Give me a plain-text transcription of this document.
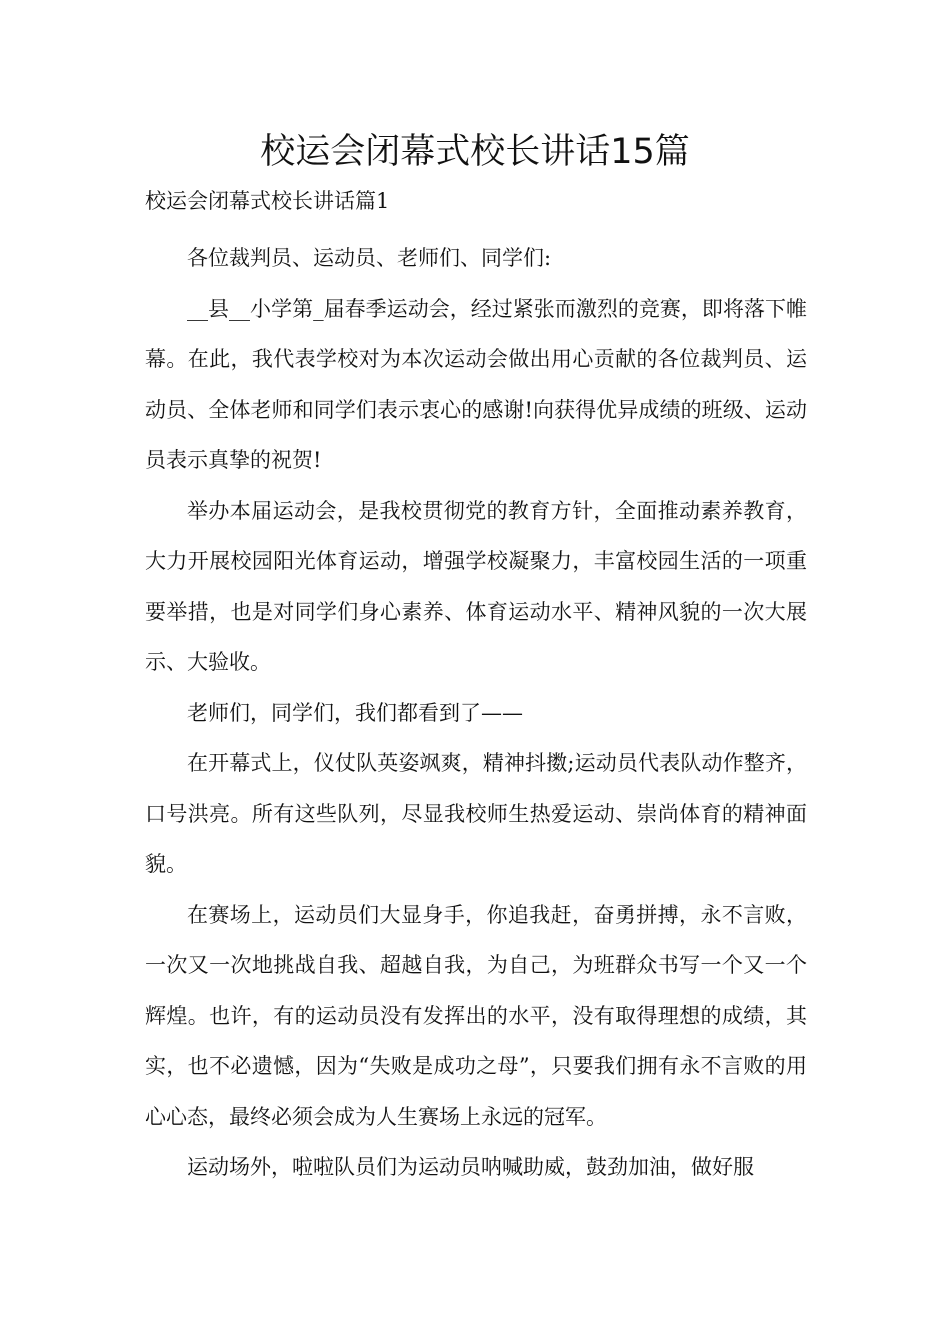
校运会闭幕式校长讲话15篇
校运会闭幕式校长讲话篇1

各位裁判员、运动员、老师们、同学们:

__县__小学第_届春季运动会，经过紧张而激烈的竞赛，即将落下帷幕。在此，我代表学校对为本次运动会做出用心贡献的各位裁判员、运动员、全体老师和同学们表示衷心的感谢!向获得优异成绩的班级、运动员表示真挚的祝贺!

举办本届运动会，是我校贯彻党的教育方针，全面推动素养教育，大力开展校园阳光体育运动，增强学校凝聚力，丰富校园生活的一项重要举措，也是对同学们身心素养、体育运动水平、精神风貌的一次大展示、大验收。

老师们，同学们，我们都看到了——

在开幕式上，仪仗队英姿飒爽，精神抖擞;运动员代表队动作整齐，口号洪亮。所有这些队列，尽显我校师生热爱运动、崇尚体育的精神面貌。

在赛场上，运动员们大显身手，你追我赶，奋勇拼搏，永不言败，一次又一次地挑战自我、超越自我，为自己，为班群众书写一个又一个辉煌。也许，有的运动员没有发挥出的水平，没有取得理想的成绩，其实，也不必遗憾，因为“失败是成功之母”，只要我们拥有永不言败的用心心态，最终必须会成为人生赛场上永远的冠军。

运动场外，啦啦队员们为运动员呐喊助威，鼓劲加油，做好服
